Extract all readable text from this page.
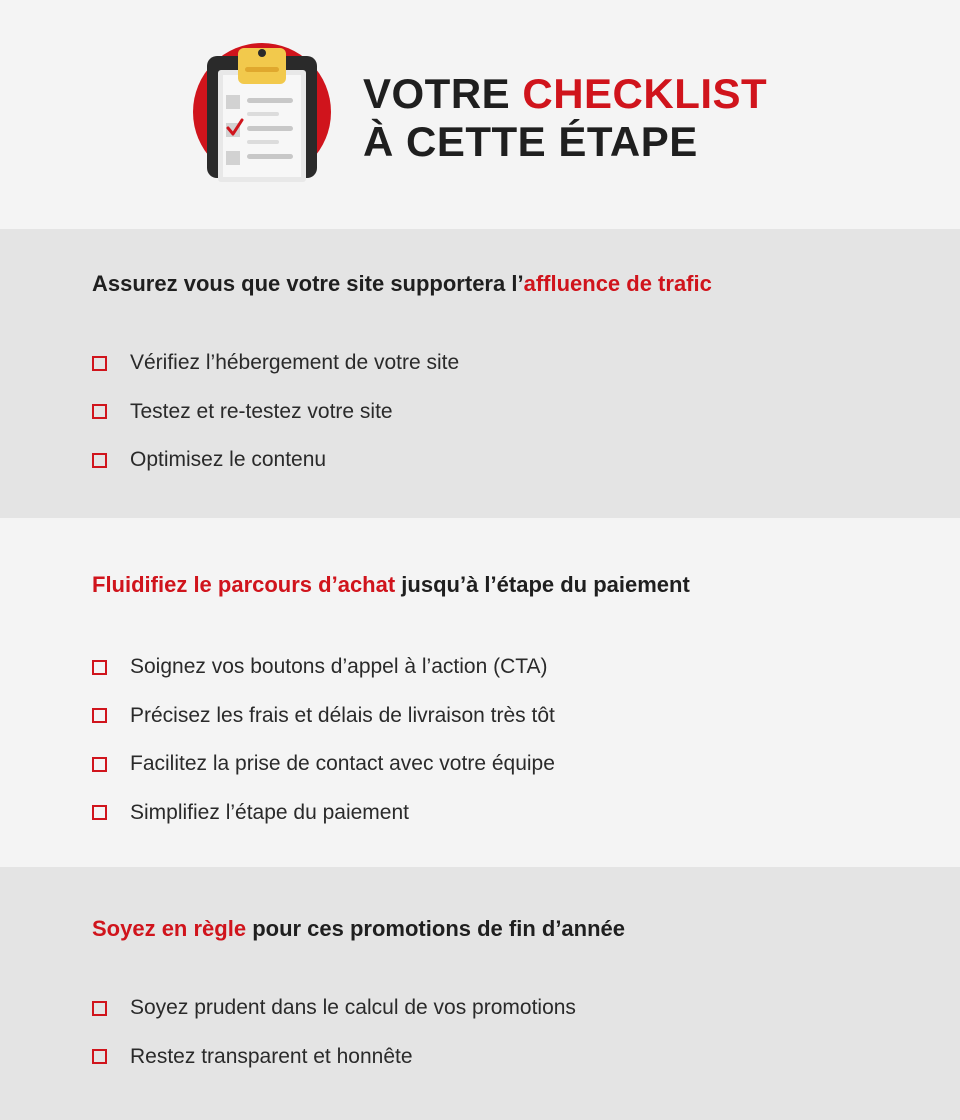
VOTRE CHECKLIST
À CETTE ÉTAPE
Assurez vous que votre site supportera l’affluence de trafic
Vérifiez l’hébergement de votre site
Testez et re-testez votre site
Optimisez le contenu
Fluidifiez le parcours d’achat jusqu’à l’étape du paiement
Soignez vos boutons d’appel à l’action (CTA)
Précisez les frais et délais de livraison très tôt
Facilitez la prise de contact avec votre équipe
Simplifiez l’étape du paiement
Soyez en règle pour ces promotions de fin d’année
Soyez prudent dans le calcul de vos promotions
Restez transparent et honnête
